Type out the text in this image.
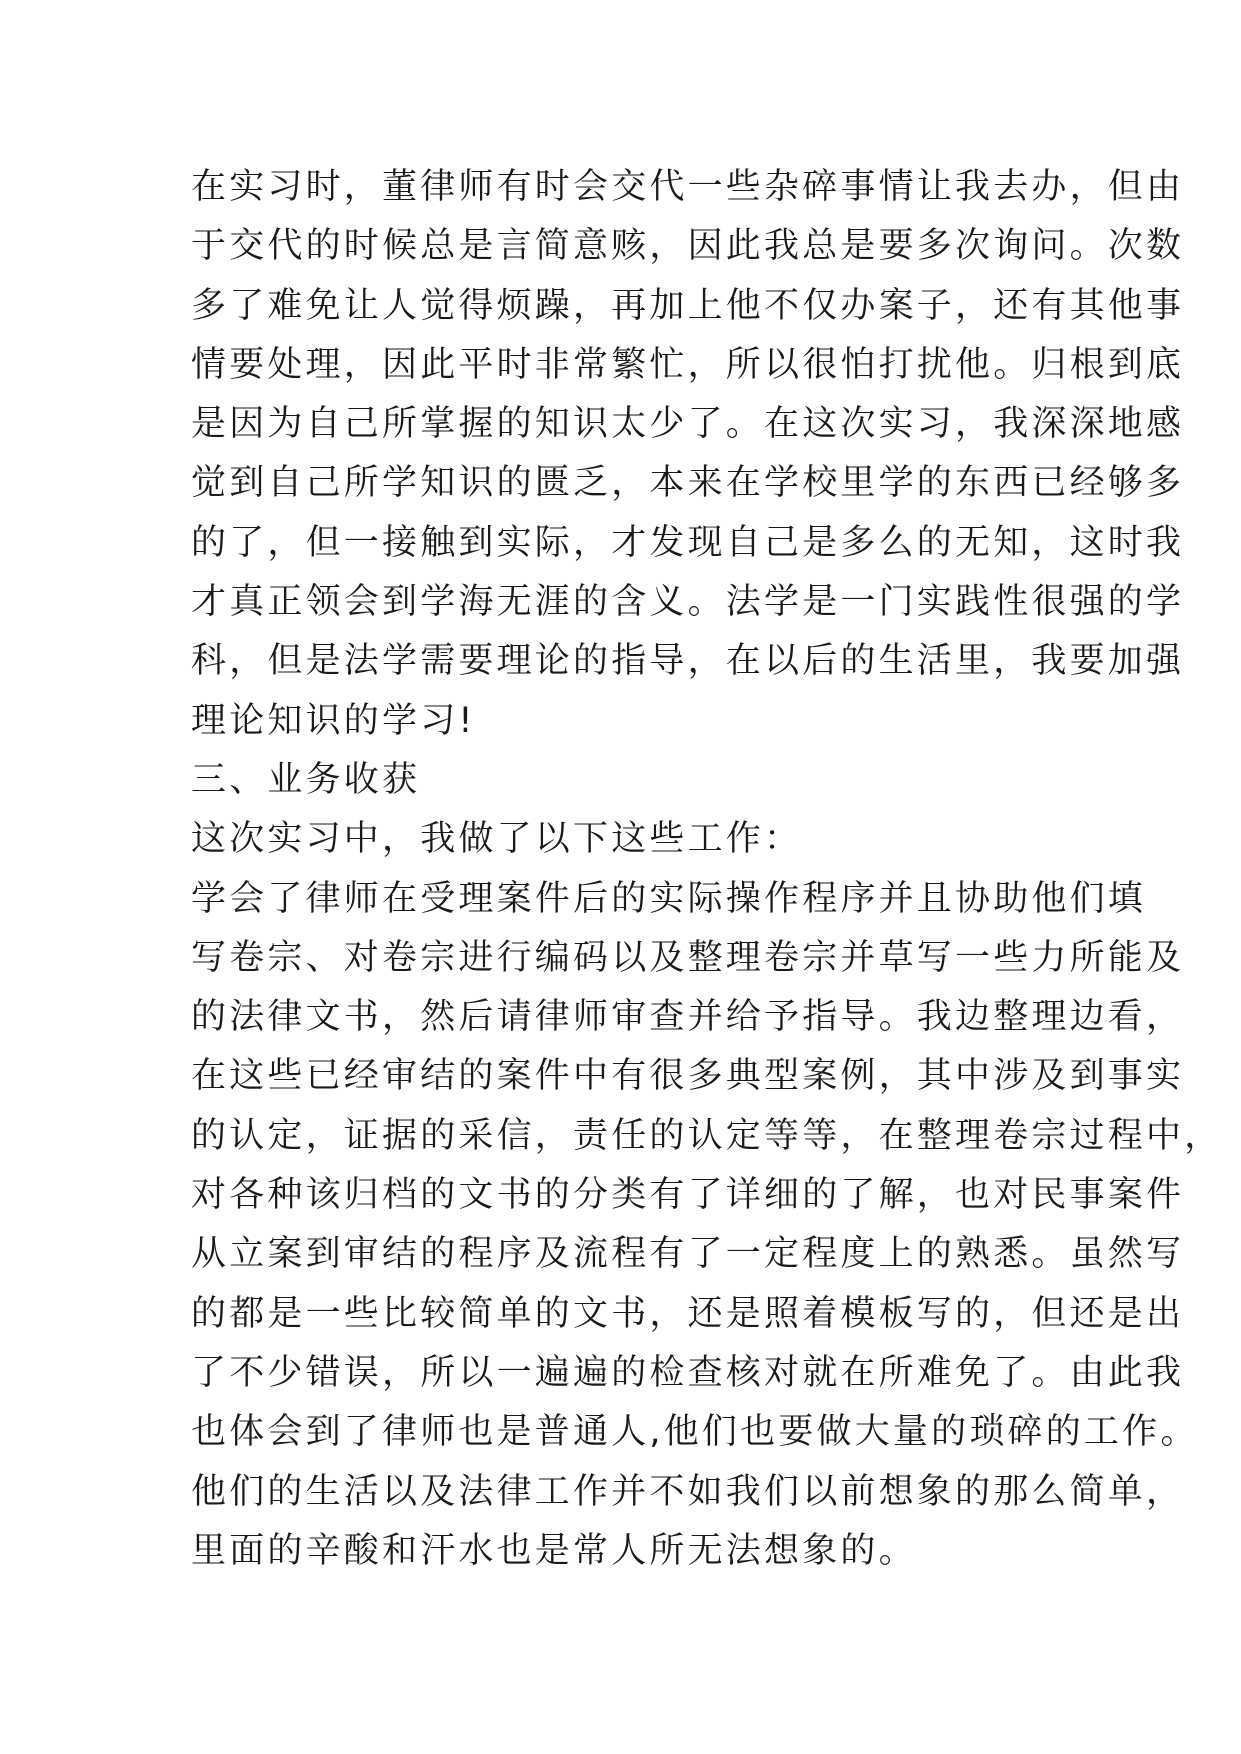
在实习时，董律师有时会交代一些杂碎事情让我去办，但由
于交代的时候总是言简意赅，因此我总是要多次询问。次数
多了难免让人觉得烦躁，再加上他不仅办案子，还有其他事
情要处理，因此平时非常繁忙，所以很怕打扰他。归根到底
是因为自己所掌握的知识太少了。在这次实习，我深深地感
觉到自己所学知识的匮乏，本来在学校里学的东西已经够多
的了，但一接触到实际，才发现自己是多么的无知，这时我
才真正领会到学海无涯的含义。法学是一门实践性很强的学
科，但是法学需要理论的指导，在以后的生活里，我要加强
理论知识的学习!
三、业务收获
这次实习中，我做了以下这些工作：
学会了律师在受理案件后的实际操作程序并且协助他们填
写卷宗、对卷宗进行编码以及整理卷宗并草写一些力所能及
的法律文书，然后请律师审查并给予指导。我边整理边看，
在这些已经审结的案件中有很多典型案例，其中涉及到事实
的认定，证据的采信，责任的认定等等，在整理卷宗过程中，
对各种该归档的文书的分类有了详细的了解，也对民事案件
从立案到审结的程序及流程有了一定程度上的熟悉。虽然写
的都是一些比较简单的文书，还是照着模板写的，但还是出
了不少错误，所以一遍遍的检查核对就在所难免了。由此我
也体会到了律师也是普通人,他们也要做大量的琐碎的工作。
他们的生活以及法律工作并不如我们以前想象的那么简单，
里面的辛酸和汗水也是常人所无法想象的。
